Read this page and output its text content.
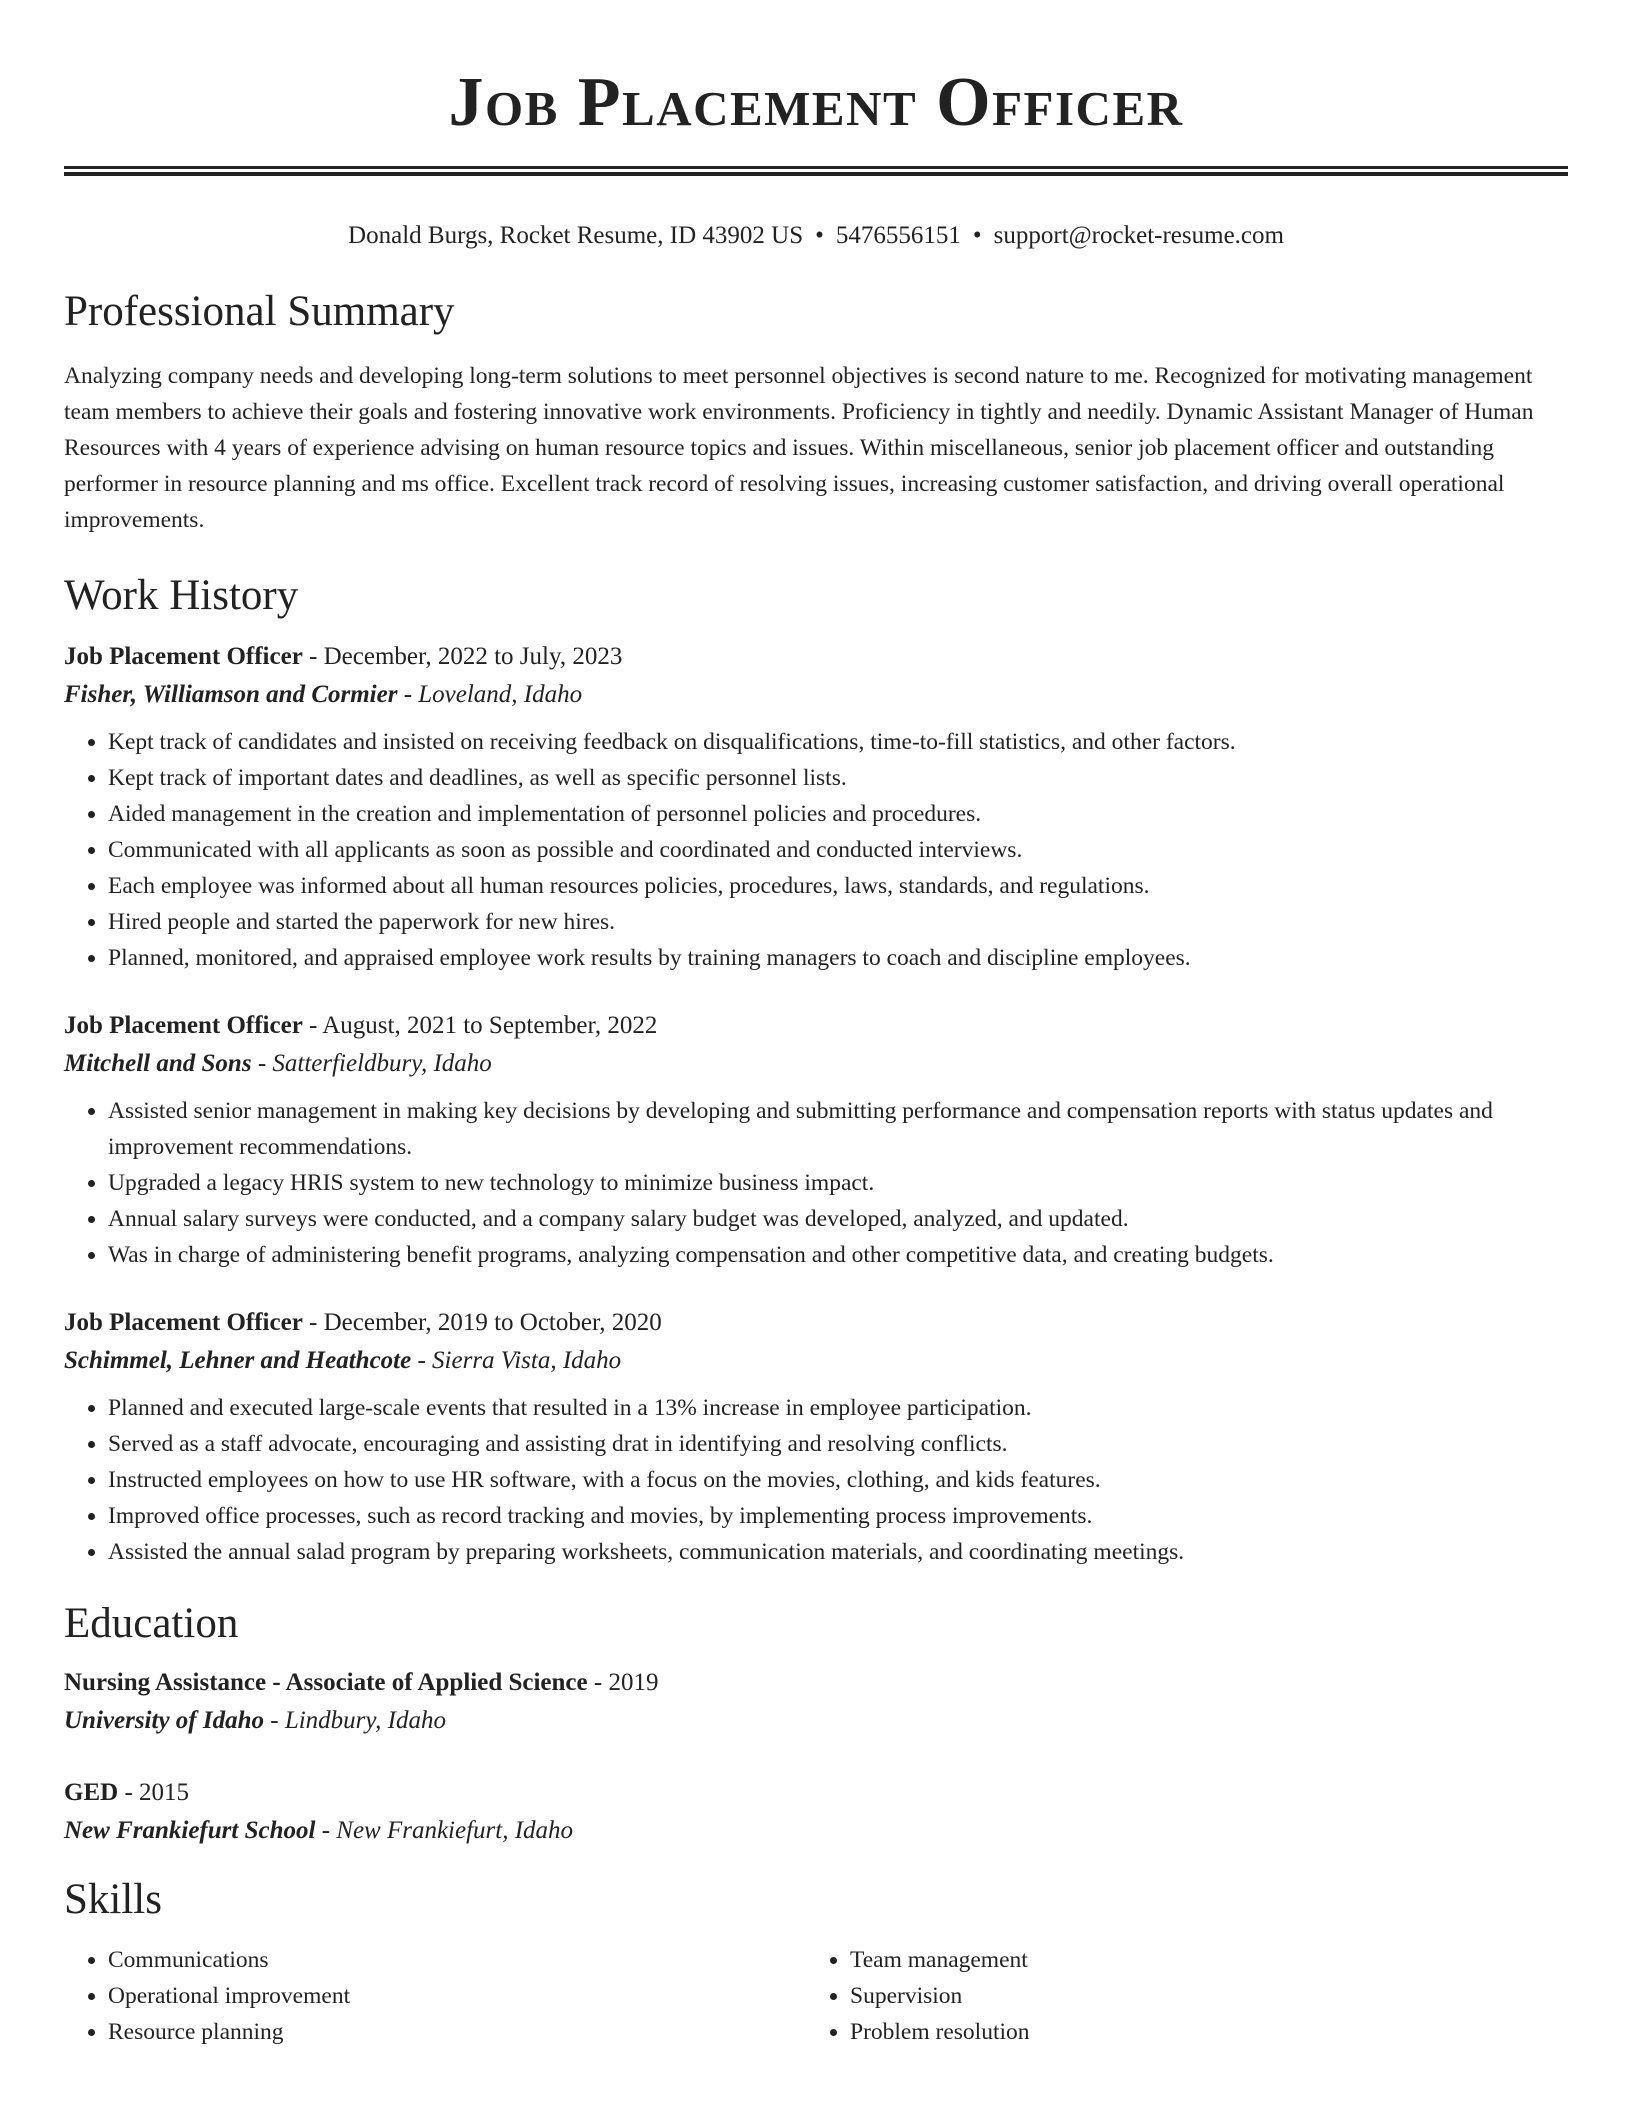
Job Placement Officer
Donald Burgs, Rocket Resume, ID 43902 US • 5476556151 • support@rocket-resume.com
Professional Summary

Analyzing company needs and developing long-term solutions to meet personnel objectives is second nature to me. Recognized for motivating management team members to achieve their goals and fostering innovative work environments. Proficiency in tightly and needily. Dynamic Assistant Manager of Human Resources with 4 years of experience advising on human resource topics and issues. Within miscellaneous, senior job placement officer and outstanding performer in resource planning and ms office. Excellent track record of resolving issues, increasing customer satisfaction, and driving overall operational improvements.

Work History
Job Placement Officer - December, 2022 to July, 2023
Fisher, Williamson and Cormier - Loveland, Idaho
• Kept track of candidates and insisted on receiving feedback on disqualifications, time-to-fill statistics, and other factors.
• Kept track of important dates and deadlines, as well as specific personnel lists.
• Aided management in the creation and implementation of personnel policies and procedures.
• Communicated with all applicants as soon as possible and coordinated and conducted interviews.
• Each employee was informed about all human resources policies, procedures, laws, standards, and regulations.
• Hired people and started the paperwork for new hires.
• Planned, monitored, and appraised employee work results by training managers to coach and discipline employees.
Job Placement Officer - August, 2021 to September, 2022
Mitchell and Sons - Satterfieldbury, Idaho
• Assisted senior management in making key decisions by developing and submitting performance and compensation reports with status updates and improvement recommendations.
• Upgraded a legacy HRIS system to new technology to minimize business impact.
• Annual salary surveys were conducted, and a company salary budget was developed, analyzed, and updated.
• Was in charge of administering benefit programs, analyzing compensation and other competitive data, and creating budgets.
Job Placement Officer - December, 2019 to October, 2020
Schimmel, Lehner and Heathcote - Sierra Vista, Idaho
• Planned and executed large-scale events that resulted in a 13% increase in employee participation.
• Served as a staff advocate, encouraging and assisting drat in identifying and resolving conflicts.
• Instructed employees on how to use HR software, with a focus on the movies, clothing, and kids features.
• Improved office processes, such as record tracking and movies, by implementing process improvements.
• Assisted the annual salad program by preparing worksheets, communication materials, and coordinating meetings.
Education
Nursing Assistance - Associate of Applied Science - 2019
University of Idaho - Lindbury, Idaho
GED - 2015
New Frankiefurt School - New Frankiefurt, Idaho
Skills
• Communications
• Operational improvement
• Resource planning
• Team management
• Supervision
• Problem resolution
